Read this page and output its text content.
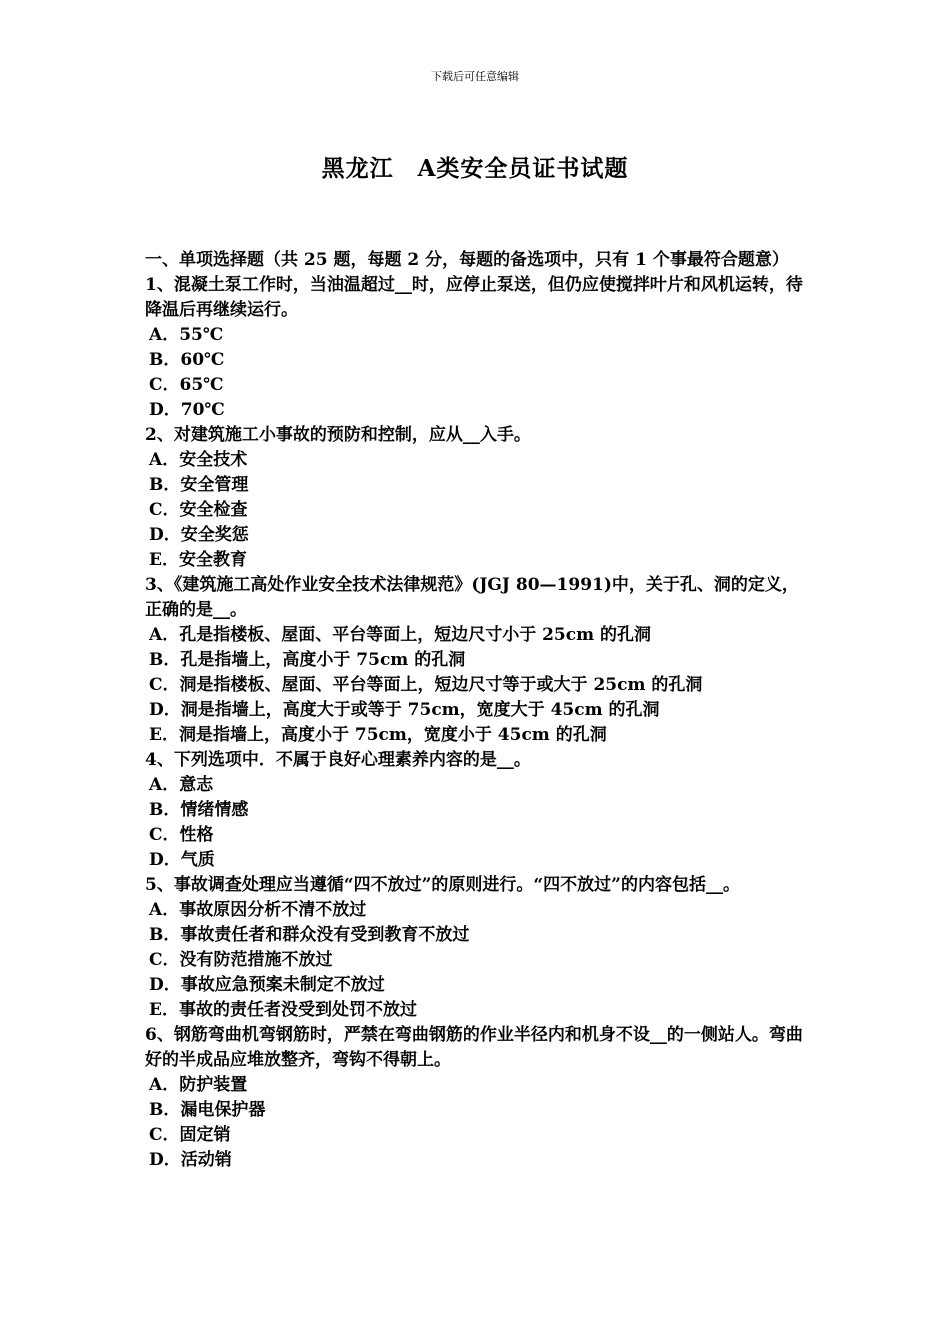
下载后可任意编辑
黑龙江　A类安全员证书试题

一、单项选择题（共 25 题，每题 2 分，每题的备选项中，只有 1 个事最符合题意）

1、混凝土泵工作时，当油温超过__时，应停止泵送，但仍应使搅拌叶片和风机运转，待降温后再继续运行。

A．55℃

B．60℃

C．65℃

D．70℃

2、对建筑施工小事故的预防和控制，应从__入手。

A．安全技术

B．安全管理

C．安全检查

D．安全奖惩

E．安全教育

3、《建筑施工高处作业安全技术法律规范》(JGJ 80—1991)中，关于孔、洞的定义，正确的是__。

A．孔是指楼板、屋面、平台等面上，短边尺寸小于 25cm 的孔洞

B．孔是指墙上，高度小于 75cm 的孔洞

C．洞是指楼板、屋面、平台等面上，短边尺寸等于或大于 25cm 的孔洞

D．洞是指墙上，高度大于或等于 75cm，宽度大于 45cm 的孔洞

E．洞是指墙上，高度小于 75cm，宽度小于 45cm 的孔洞

4、下列选项中．不属于良好心理素养内容的是__。

A．意志

B．情绪情感

C．性格

D．气质

5、事故调查处理应当遵循“四不放过”的原则进行。“四不放过”的内容包括__。

A．事故原因分析不清不放过

B．事故责任者和群众没有受到教育不放过

C．没有防范措施不放过

D．事故应急预案未制定不放过

E．事故的责任者没受到处罚不放过

6、钢筋弯曲机弯钢筋时，严禁在弯曲钢筋的作业半径内和机身不设__的一侧站人。弯曲好的半成品应堆放整齐，弯钩不得朝上。

A．防护装置

B．漏电保护器

C．固定销

D．活动销
